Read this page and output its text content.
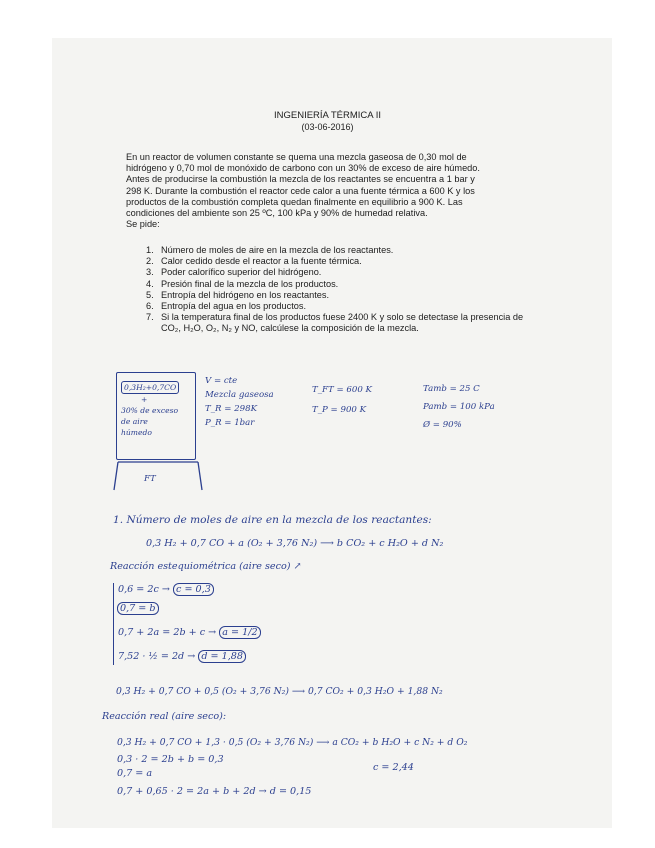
INGENIERÍA TÉRMICA II
(03-06-2016)
En un reactor de volumen constante se quema una mezcla gaseosa de 0,30 mol de
hidrógeno y 0,70 mol de monóxido de carbono con un 30% de exceso de aire húmedo.
Antes de producirse la combustión la mezcla de los reactantes se encuentra a 1 bar y
298 K. Durante la combustión el reactor cede calor a una fuente térmica a 600 K y los
productos de la combustión completa quedan finalmente en equilibrio a 900 K. Las
condiciones del ambiente son 25 ºC, 100 kPa y 90% de humedad relativa.
Se pide:
1. Número de moles de aire en la mezcla de los reactantes.
2. Calor cedido desde el reactor a la fuente térmica.
3. Poder calorífico superior del hidrógeno.
4. Presión final de la mezcla de los productos.
5. Entropía del hidrógeno en los reactantes.
6. Entropía del agua en los productos.
7. Si la temperatura final de los productos fuese 2400 K y solo se detectase la presencia de CO₂, H₂O, O₂, N₂ y NO, calcúlese la composición de la mezcla.
0,3H₂+0,7CO
+
30% de exceso
de aire
húmedo
FT
V = cte
Mezcla gaseosa
T_R = 298K
P_R = 1bar
T_FT = 600 K
T_P = 900 K
Tamb = 25 C
Pamb = 100 kPa
Ø = 90%
1. Número de moles de aire en la mezcla de los reactantes:
0,3 H₂ + 0,7 CO + a (O₂ + 3,76 N₂) ⟶ b CO₂ + c H₂O + d N₂
Reacción estequiométrica (aire seco) ↗
0,6 = 2c → c = 0,3
0,7 = b
0,7 + 2a = 2b + c → a = 1/2
7,52 · ½ = 2d → d = 1,88
0,3 H₂ + 0,7 CO + 0,5 (O₂ + 3,76 N₂) ⟶ 0,7 CO₂ + 0,3 H₂O + 1,88 N₂
Reacción real (aire seco):
0,3 H₂ + 0,7 CO + 1,3 · 0,5 (O₂ + 3,76 N₂) ⟶ a CO₂ + b H₂O + c N₂ + d O₂
0,3 · 2 = 2b + b = 0,3
0,7 = a
c = 2,44
0,7 + 0,65 · 2 = 2a + b + 2d → d = 0,15
